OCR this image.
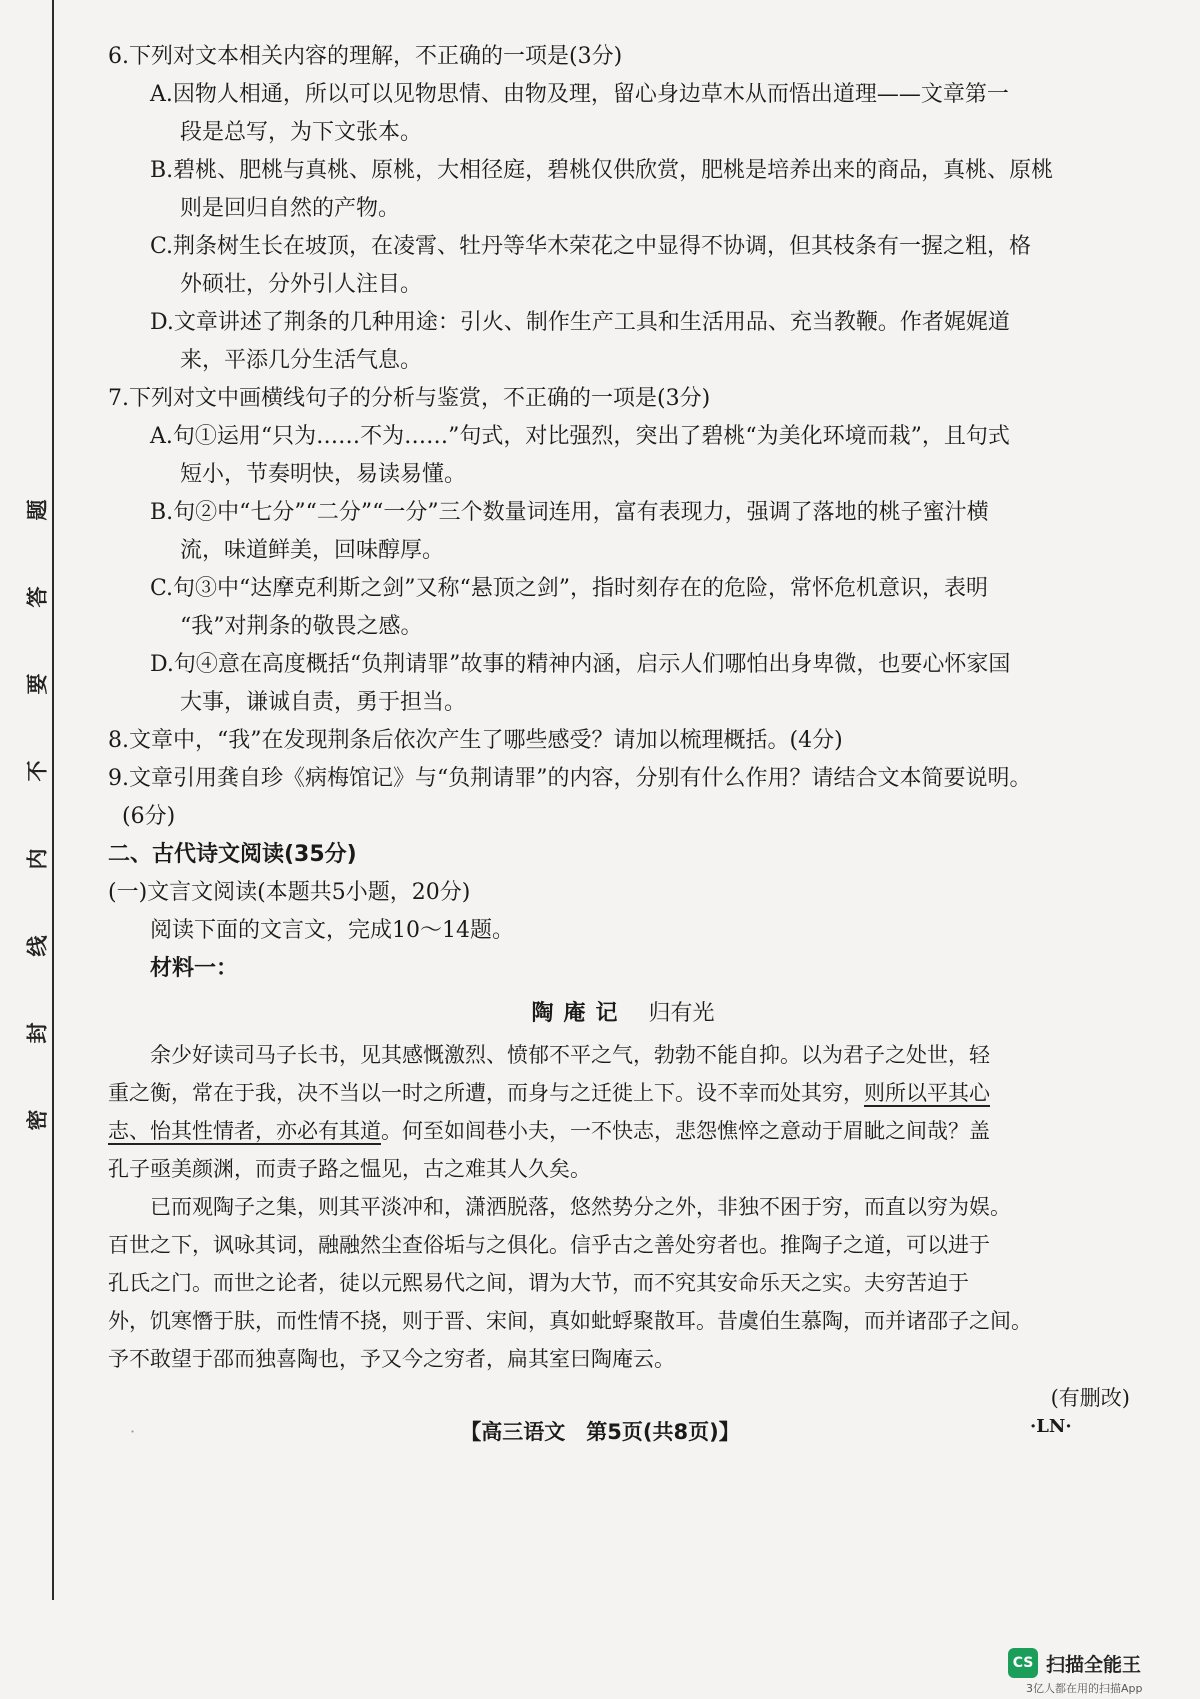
题
答
要
不
内
线
封
密
6.下列对文本相关内容的理解，不正确的一项是(3分)
A.因物人相通，所以可以见物思情、由物及理，留心身边草木从而悟出道理——文章第一
段是总写，为下文张本。
B.碧桃、肥桃与真桃、原桃，大相径庭，碧桃仅供欣赏，肥桃是培养出来的商品，真桃、原桃
则是回归自然的产物。
C.荆条树生长在坡顶，在凌霄、牡丹等华木荣花之中显得不协调，但其枝条有一握之粗，格
外硕壮，分外引人注目。
D.文章讲述了荆条的几种用途：引火、制作生产工具和生活用品、充当教鞭。作者娓娓道
来，平添几分生活气息。
7.下列对文中画横线句子的分析与鉴赏，不正确的一项是(3分)
A.句①运用“只为……不为……”句式，对比强烈，突出了碧桃“为美化环境而栽”，且句式
短小，节奏明快，易读易懂。
B.句②中“七分”“二分”“一分”三个数量词连用，富有表现力，强调了落地的桃子蜜汁横
流，味道鲜美，回味醇厚。
C.句③中“达摩克利斯之剑”又称“悬顶之剑”，指时刻存在的危险，常怀危机意识，表明
“我”对荆条的敬畏之感。
D.句④意在高度概括“负荆请罪”故事的精神内涵，启示人们哪怕出身卑微，也要心怀家国
大事，谦诚自责，勇于担当。
8.文章中，“我”在发现荆条后依次产生了哪些感受？请加以梳理概括。(4分)
9.文章引用龚自珍《病梅馆记》与“负荆请罪”的内容，分别有什么作用？请结合文本简要说明。
(6分)
二、古代诗文阅读(35分)
(一)文言文阅读(本题共5小题，20分)
阅读下面的文言文，完成10～14题。
材料一：
陶庵记 归有光
余少好读司马子长书，见其感慨激烈、愤郁不平之气，勃勃不能自抑。以为君子之处世，轻
重之衡，常在于我，决不当以一时之所遭，而身与之迁徙上下。设不幸而处其穷，则所以平其心
志、怡其性情者，亦必有其道。何至如闾巷小夫，一不快志，悲怨憔悴之意动于眉眦之间哉？盖
孔子亟美颜渊，而责子路之愠见，古之难其人久矣。
已而观陶子之集，则其平淡冲和，潇洒脱落，悠然势分之外，非独不困于穷，而直以穷为娱。
百世之下，讽咏其词，融融然尘查俗垢与之俱化。信乎古之善处穷者也。推陶子之道，可以进于
孔氏之门。而世之论者，徒以元熙易代之间，谓为大节，而不究其安命乐天之实。夫穷苦迫于
外，饥寒憯于肤，而性情不挠，则于晋、宋间，真如蚍蜉聚散耳。昔虞伯生慕陶，而并诸邵子之间。
予不敢望于邵而独喜陶也，予又今之穷者，扁其室曰陶庵云。
(有删改)
·	【高三语文　第5页(共8页)】	·LN·
CS 扫描全能王
3亿人都在用的扫描App
